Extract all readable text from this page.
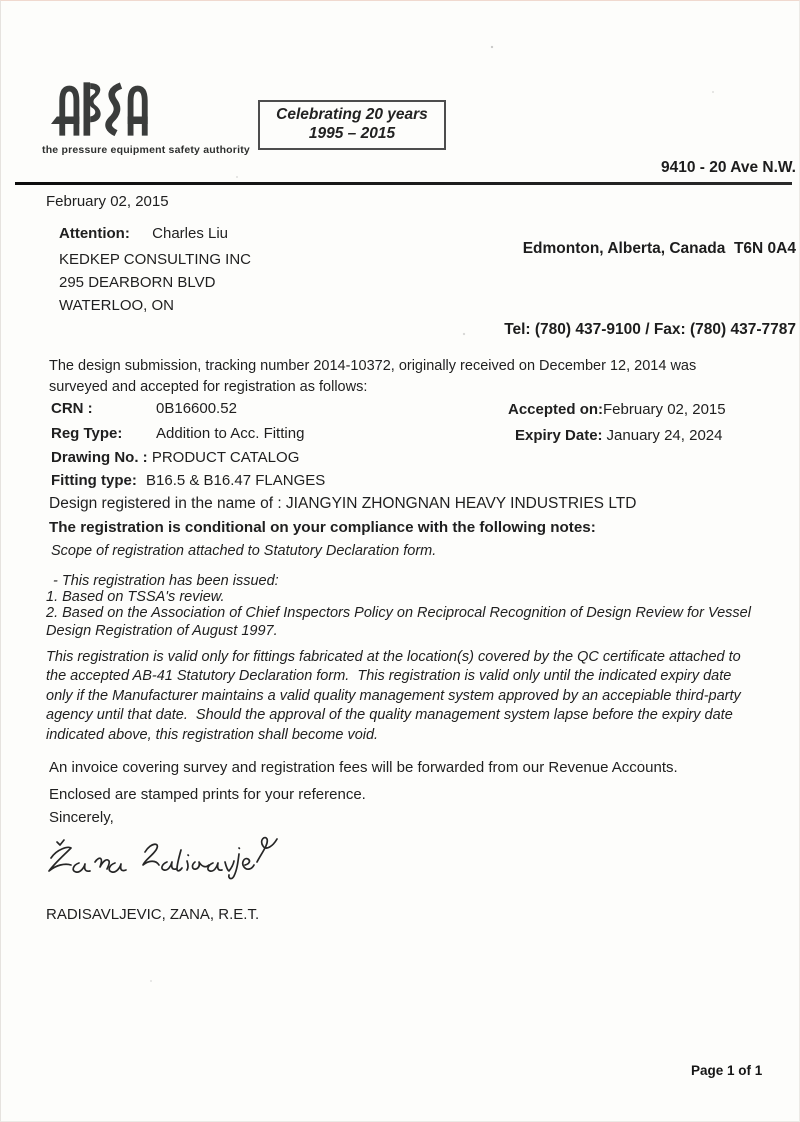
the pressure equipment safety authority
Celebrating 20 years
1995 – 2015

9410 - 20 Ave N.W.

Edmonton, Alberta, Canada  T6N 0A4

Tel: (780) 437-9100 / Fax: (780) 437-7787

February 02, 2015
Attention: Charles Liu
KEDKEP CONSULTING INC
295 DEARBORN BLVD
WATERLOO, ON
The design submission, tracking number 2014-10372, originally received on December 12, 2014 was surveyed and accepted for registration as follows:
CRN :	0B16600.52	Accepted on:February 02, 2015
Reg Type: Addition to Acc. Fitting	Expiry Date: January 24, 2024
Drawing No. : PRODUCT CATALOG
Fitting type: B16.5 & B16.47 FLANGES
Design registered in the name of : JIANGYIN ZHONGNAN HEAVY INDUSTRIES LTD
The registration is conditional on your compliance with the following notes:
Scope of registration attached to Statutory Declaration form.
- This registration has been issued:
1. Based on TSSA's review.
2. Based on the Association of Chief Inspectors Policy on Reciprocal Recognition of Design Review for Vessel Design Registration of August 1997.
This registration is valid only for fittings fabricated at the location(s) covered by the QC certificate attached to the accepted AB-41 Statutory Declaration form.  This registration is valid only until the indicated expiry date only if the Manufacturer maintains a valid quality management system approved by an accepiable third-party agency until that date.  Should the approval of the quality management system lapse before the expiry date indicated above, this registration shall become void.
An invoice covering survey and registration fees will be forwarded from our Revenue Accounts.
Enclosed are stamped prints for your reference.
Sincerely,
RADISAVLJEVIC, ZANA, R.E.T.
Page 1 of 1
